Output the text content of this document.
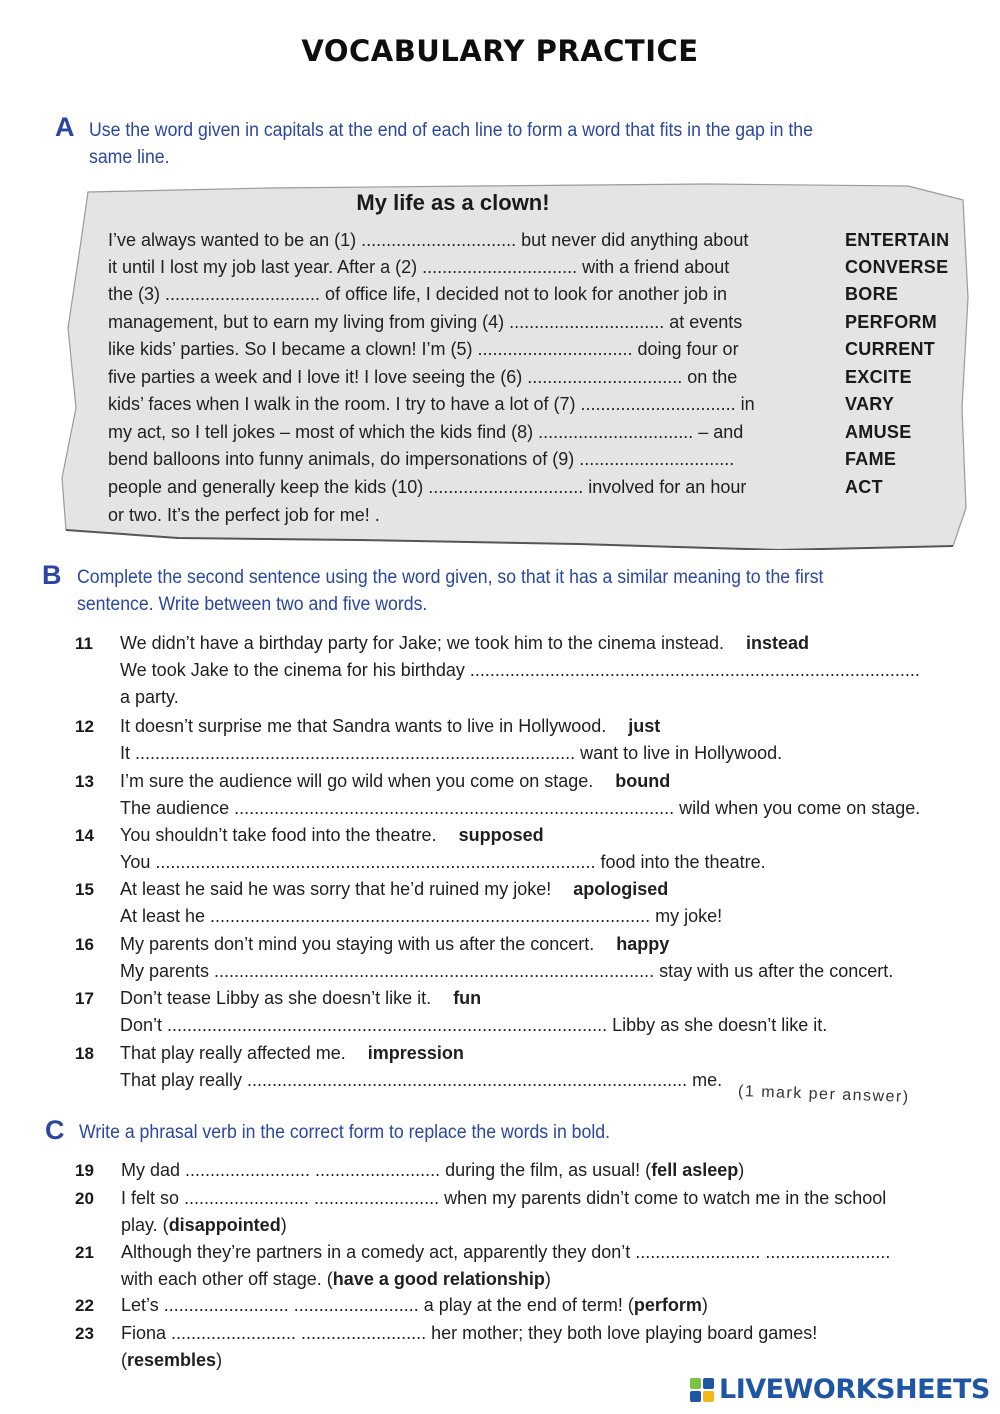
VOCABULARY PRACTICE
A Use the word given in capitals at the end of each line to form a word that fits in the gap in the
same line.
My life as a clown!
I’ve always wanted to be an (1) ............................... but never did anything about
it until I lost my job last year. After a (2) ............................... with a friend about
the (3) ............................... of office life, I decided not to look for another job in
management, but to earn my living from giving (4) ............................... at events
like kids’ parties. So I became a clown! I’m (5) ............................... doing four or
five parties a week and I love it! I love seeing the (6) ............................... on the
kids’ faces when I walk in the room. I try to have a lot of (7) ............................... in
my act, so I tell jokes – most of which the kids find (8) ............................... – and
bend balloons into funny animals, do impersonations of (9) ...............................
people and generally keep the kids (10) ............................... involved for an hour
or two. It’s the perfect job for me! .
ENTERTAIN
CONVERSE
BORE
PERFORM
CURRENT
EXCITE
VARY
AMUSE
FAME
ACT
B Complete the second sentence using the word given, so that it has a similar meaning to the first
sentence. Write between two and five words.
11 We didn’t have a birthday party for Jake; we took him to the cinema instead. instead
We took Jake to the cinema for his birthday ..........................................................................................
a party.
12 It doesn’t surprise me that Sandra wants to live in Hollywood. just
It ........................................................................................ want to live in Hollywood.
13 I’m sure the audience will go wild when you come on stage. bound
The audience ........................................................................................ wild when you come on stage.
14 You shouldn’t take food into the theatre. supposed
You ........................................................................................ food into the theatre.
15 At least he said he was sorry that he’d ruined my joke! apologised
At least he ........................................................................................ my joke!
16 My parents don’t mind you staying with us after the concert. happy
My parents ........................................................................................ stay with us after the concert.
17 Don’t tease Libby as she doesn’t like it. fun
Don’t ........................................................................................ Libby as she doesn’t like it.
18 That play really affected me. impression
That play really ........................................................................................ me.
(1 mark per answer)
C Write a phrasal verb in the correct form to replace the words in bold.
19 My dad ......................... ......................... during the film, as usual! (fell asleep)
20 I felt so ......................... ......................... when my parents didn’t come to watch me in the school
play. (disappointed)
21 Although they’re partners in a comedy act, apparently they don’t ......................... .........................
with each other off stage. (have a good relationship)
22 Let’s ......................... ......................... a play at the end of term! (perform)
23 Fiona ......................... ......................... her mother; they both love playing board games!
(resembles)
LIVEWORKSHEETS
